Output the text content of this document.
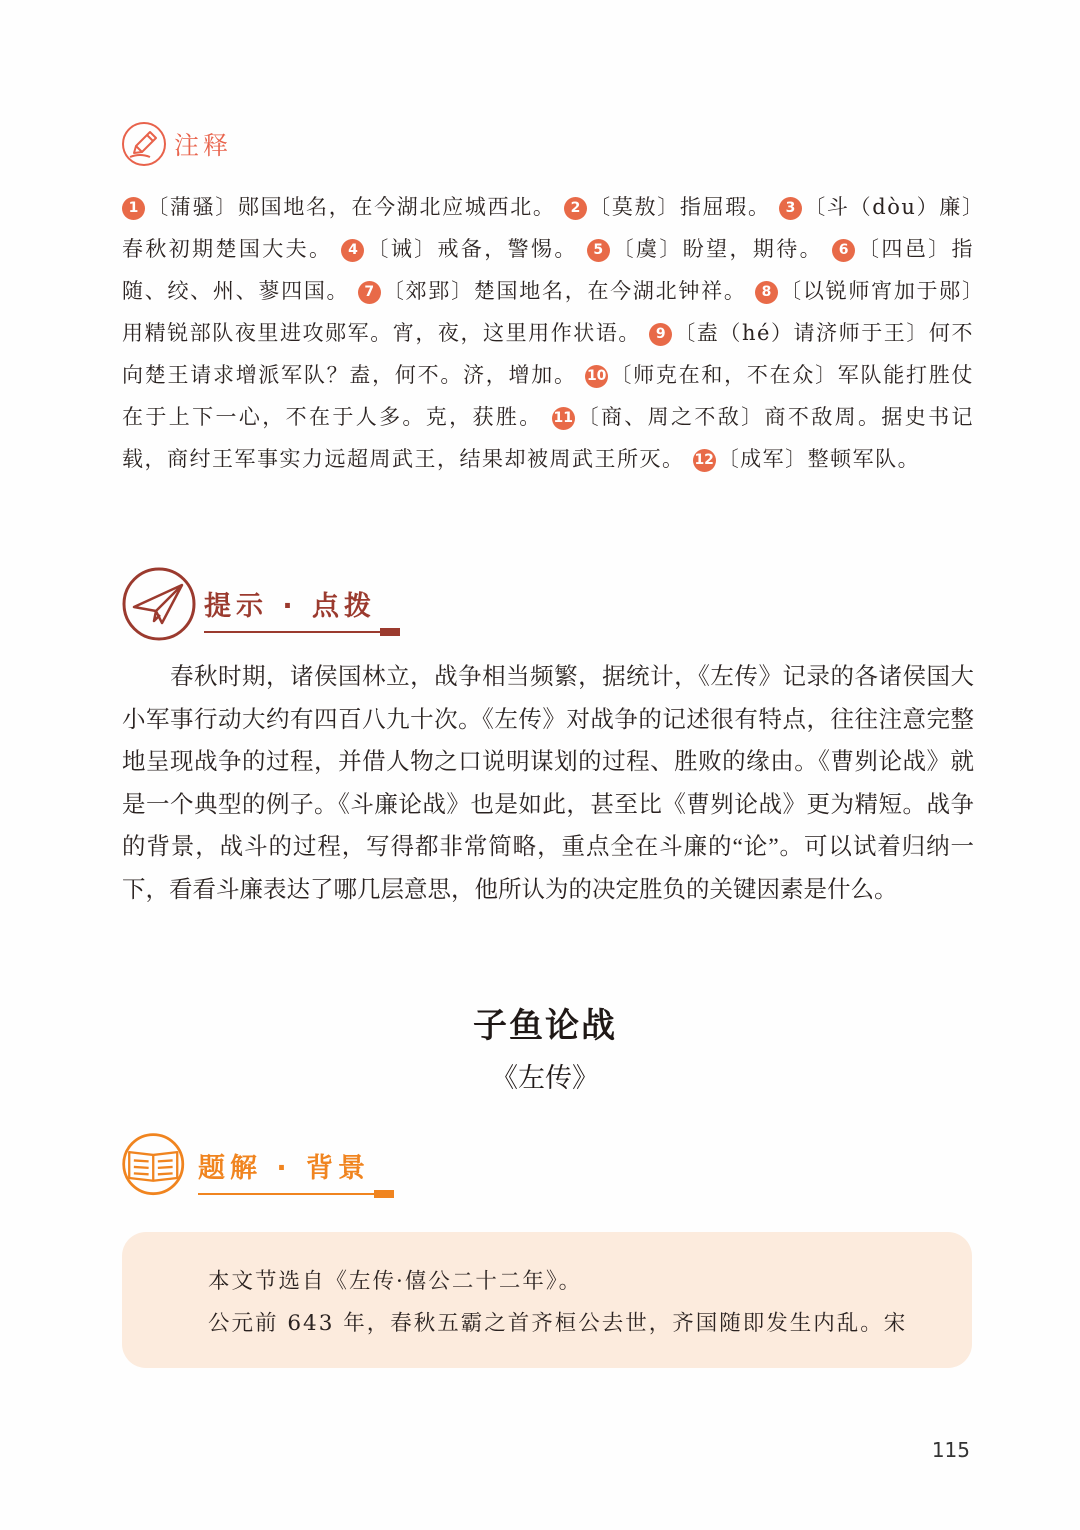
注释
1 〔蒲骚〕郧国地名，在今湖北应城西北。 2 〔莫敖〕指屈瑕。 3 〔斗（dòu）廉〕春秋初期楚国大夫。 4 〔诫〕戒备，警惕。 5 〔虞〕盼望，期待。 6 〔四邑〕指随、绞、州、蓼四国。 7 〔郊郢〕楚国地名，在今湖北钟祥。 8 〔以锐师宵加于郧〕用精锐部队夜里进攻郧军。宵，夜，这里用作状语。 9 〔盍（hé）请济师于王〕何不向楚王请求增派军队？盍，何不。济，增加。 10 〔师克在和，不在众〕军队能打胜仗在于上下一心，不在于人多。克，获胜。 11 〔商、周之不敌〕商不敌周。据史书记载，商纣王军事实力远超周武王，结果却被周武王所灭。 12 〔成军〕整顿军队。
提示 · 点拨
春秋时期，诸侯国林立，战争相当频繁，据统计，《左传》记录的各诸侯国大小军事行动大约有四百八九十次。《左传》对战争的记述很有特点，往往注意完整地呈现战争的过程，并借人物之口说明谋划的过程、胜败的缘由。《曹刿论战》就是一个典型的例子。《斗廉论战》也是如此，甚至比《曹刿论战》更为精短。战争的背景，战斗的过程，写得都非常简略，重点全在斗廉的“论”。可以试着归纳一下，看看斗廉表达了哪几层意思，他所认为的决定胜负的关键因素是什么。
子鱼论战
《左传》
题解 · 背景
本文节选自《左传·僖公二十二年》。
公元前 643 年，春秋五霸之首齐桓公去世，齐国随即发生内乱。宋
115
